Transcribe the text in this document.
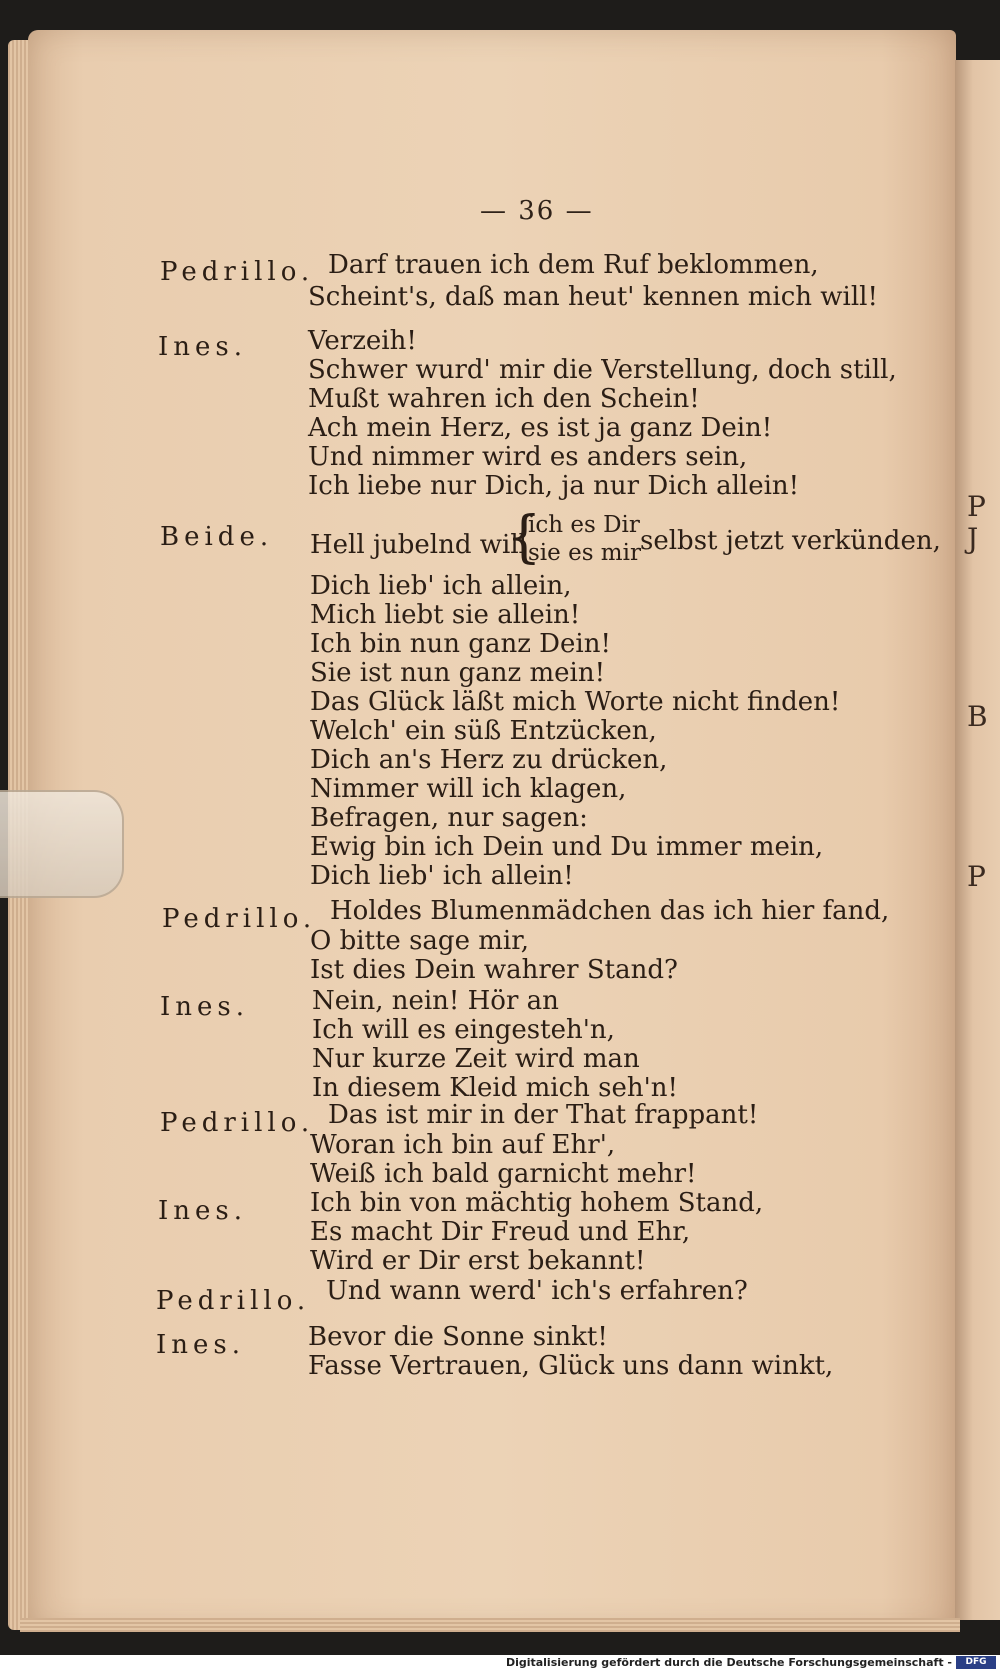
P
J
B
P
— 36 —
Pedrillo. Darf trauen ich dem Ruf beklommen,
Scheint's, daß man heut' kennen mich will!
Ines. Verzeih!
Schwer wurd' mir die Verstellung, doch still,
Mußt wahren ich den Schein!
Ach mein Herz, es ist ja ganz Dein!
Und nimmer wird es anders sein,
Ich liebe nur Dich, ja nur Dich allein!
Beide. Hell jubelnd will
{
ich es Dir
sie es mir selbst jetzt verkünden,
Dich lieb' ich allein,
Mich liebt sie allein!
Ich bin nun ganz Dein!
Sie ist nun ganz mein!
Das Glück läßt mich Worte nicht finden!
Welch' ein süß Entzücken,
Dich an's Herz zu drücken,
Nimmer will ich klagen,
Befragen, nur sagen:
Ewig bin ich Dein und Du immer mein,
Dich lieb' ich allein!
Pedrillo. Holdes Blumenmädchen das ich hier fand,
O bitte sage mir,
Ist dies Dein wahrer Stand?
Ines. Nein, nein! Hör an
Ich will es eingesteh'n,
Nur kurze Zeit wird man
In diesem Kleid mich seh'n!
Pedrillo. Das ist mir in der That frappant!
Woran ich bin auf Ehr',
Weiß ich bald garnicht mehr!
Ines. Ich bin von mächtig hohem Stand,
Es macht Dir Freud und Ehr,
Wird er Dir erst bekannt!
Pedrillo. Und wann werd' ich's erfahren?
Ines. Bevor die Sonne sinkt!
Fasse Vertrauen, Glück uns dann winkt,
Digitalisierung gefördert durch die Deutsche Forschungsgemeinschaft -	DFG
